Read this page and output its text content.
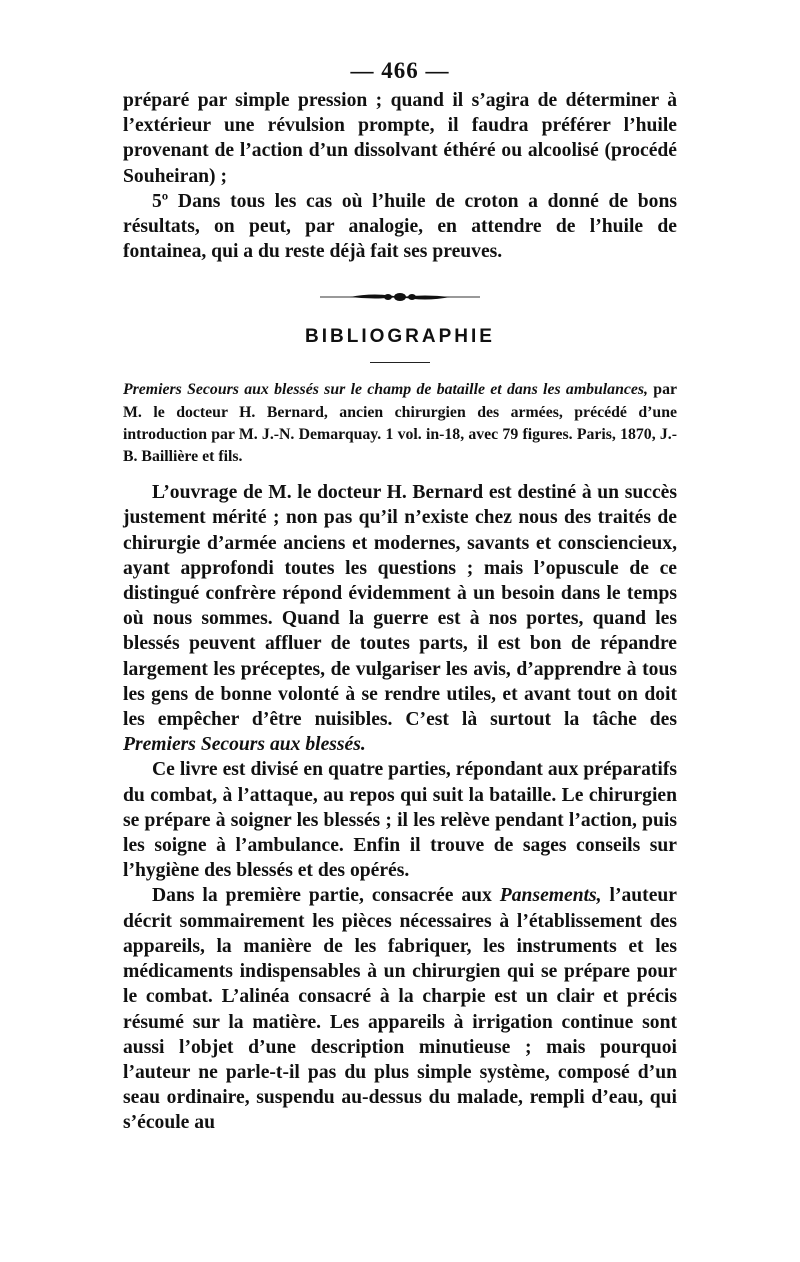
— 466 —

préparé par simple pression ; quand il s’agira de déterminer à l’extérieur une révulsion prompte, il faudra préférer l’huile provenant de l’action d’un dissolvant éthéré ou alcoolisé (procédé Souheiran) ;

5º Dans tous les cas où l’huile de croton a donné de bons résultats, on peut, par analogie, en attendre de l’huile de fontainea, qui a du reste déjà fait ses preuves.

BIBLIOGRAPHIE

Premiers Secours aux blessés sur le champ de bataille et dans les ambulances, par M. le docteur H. Bernard, ancien chirurgien des armées, précédé d’une introduction par M. J.-N. Demarquay. 1 vol. in-18, avec 79 figures. Paris, 1870, J.-B. Baillière et fils.

L’ouvrage de M. le docteur H. Bernard est destiné à un succès justement mérité ; non pas qu’il n’existe chez nous des traités de chirurgie d’armée anciens et modernes, savants et consciencieux, ayant approfondi toutes les questions ; mais l’opuscule de ce distingué confrère répond évidemment à un besoin dans le temps où nous sommes. Quand la guerre est à nos portes, quand les blessés peuvent affluer de toutes parts, il est bon de répandre largement les préceptes, de vulgariser les avis, d’apprendre à tous les gens de bonne volonté à se rendre utiles, et avant tout on doit les empêcher d’être nuisibles. C’est là surtout la tâche des Premiers Secours aux blessés.

Ce livre est divisé en quatre parties, répondant aux préparatifs du combat, à l’attaque, au repos qui suit la bataille. Le chirurgien se prépare à soigner les blessés ; il les relève pendant l’action, puis les soigne à l’ambulance. Enfin il trouve de sages conseils sur l’hygiène des blessés et des opérés.

Dans la première partie, consacrée aux Pansements, l’auteur décrit sommairement les pièces nécessaires à l’établissement des appareils, la manière de les fabriquer, les instruments et les médicaments indispensables à un chirurgien qui se prépare pour le combat. L’alinéa consacré à la charpie est un clair et précis résumé sur la matière. Les appareils à irrigation continue sont aussi l’objet d’une description minutieuse ; mais pourquoi l’auteur ne parle-t-il pas du plus simple système, composé d’un seau ordinaire, suspendu au-dessus du malade, rempli d’eau, qui s’écoule au
